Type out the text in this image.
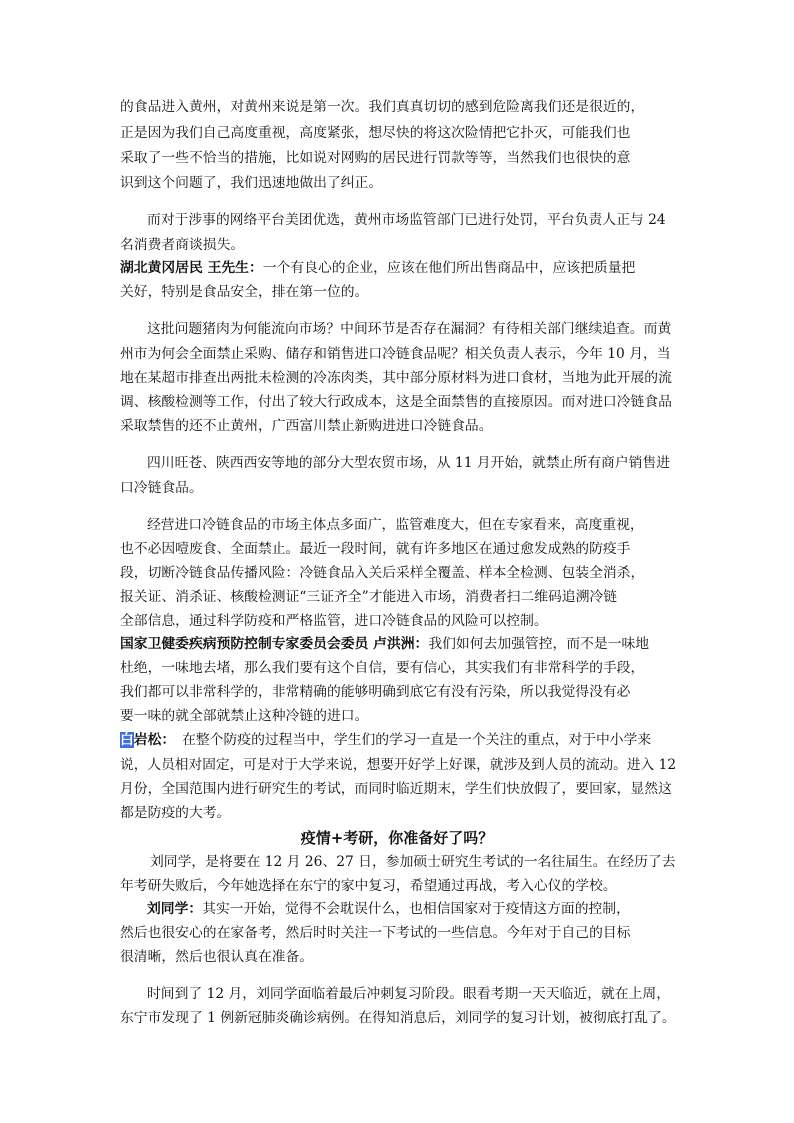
的食品进入黄州，对黄州来说是第一次。我们真真切切的感到危险离我们还是很近的，
正是因为我们自己高度重视，高度紧张，想尽快的将这次险情把它扑灭，可能我们也
采取了一些不恰当的措施，比如说对网购的居民进行罚款等等，当然我们也很快的意
识到这个问题了，我们迅速地做出了纠正。
而对于涉事的网络平台美团优选，黄州市场监管部门已进行处罚，平台负责人正与 24
名消费者商谈损失。
湖北黄冈居民 王先生：一个有良心的企业，应该在他们所出售商品中，应该把质量把
关好，特别是食品安全，排在第一位的。
这批问题猪肉为何能流向市场？中间环节是否存在漏洞？有待相关部门继续追查。而黄
州市为何会全面禁止采购、储存和销售进口冷链食品呢？相关负责人表示，今年 10 月，当
地在某超市排查出两批未检测的冷冻肉类，其中部分原材料为进口食材，当地为此开展的流
调、核酸检测等工作，付出了较大行政成本，这是全面禁售的直接原因。而对进口冷链食品
采取禁售的还不止黄州，广西富川禁止新购进进口冷链食品。
四川旺苍、陕西西安等地的部分大型农贸市场，从 11 月开始，就禁止所有商户销售进
口冷链食品。
经营进口冷链食品的市场主体点多面广，监管难度大，但在专家看来，高度重视，
也不必因噎废食、全面禁止。最近一段时间，就有许多地区在通过愈发成熟的防疫手
段，切断冷链食品传播风险：冷链食品入关后采样全覆盖、样本全检测、包装全消杀，
报关证、消杀证、核酸检测证“三证齐全”才能进入市场，消费者扫二维码追溯冷链
全部信息，通过科学防疫和严格监管，进口冷链食品的风险可以控制。
国家卫健委疾病预防控制专家委员会委员 卢洪洲：我们如何去加强管控，而不是一味地
杜绝，一味地去堵，那么我们要有这个自信，要有信心，其实我们有非常科学的手段，
我们都可以非常科学的，非常精确的能够明确到底它有没有污染，所以我觉得没有必
要一味的就全部就禁止这种冷链的进口。
白岩松：　在整个防疫的过程当中，学生们的学习一直是一个关注的重点，对于中小学来
说，人员相对固定，可是对于大学来说，想要开好学上好课，就涉及到人员的流动。进入 12
月份，全国范围内进行研究生的考试，而同时临近期末，学生们快放假了，要回家，显然这
都是防疫的大考。
疫情+考研，你准备好了吗？
刘同学，是将要在 12 月 26、27 日，参加硕士研究生考试的一名往届生。在经历了去
年考研失败后，今年她选择在东宁的家中复习，希望通过再战，考入心仪的学校。
刘同学：其实一开始，觉得不会耽误什么，也相信国家对于疫情这方面的控制，
然后也很安心的在家备考，然后时时关注一下考试的一些信息。今年对于自己的目标
很清晰，然后也很认真在准备。
时间到了 12 月，刘同学面临着最后冲刺复习阶段。眼看考期一天天临近，就在上周，
东宁市发现了 1 例新冠肺炎确诊病例。在得知消息后，刘同学的复习计划，被彻底打乱了。
